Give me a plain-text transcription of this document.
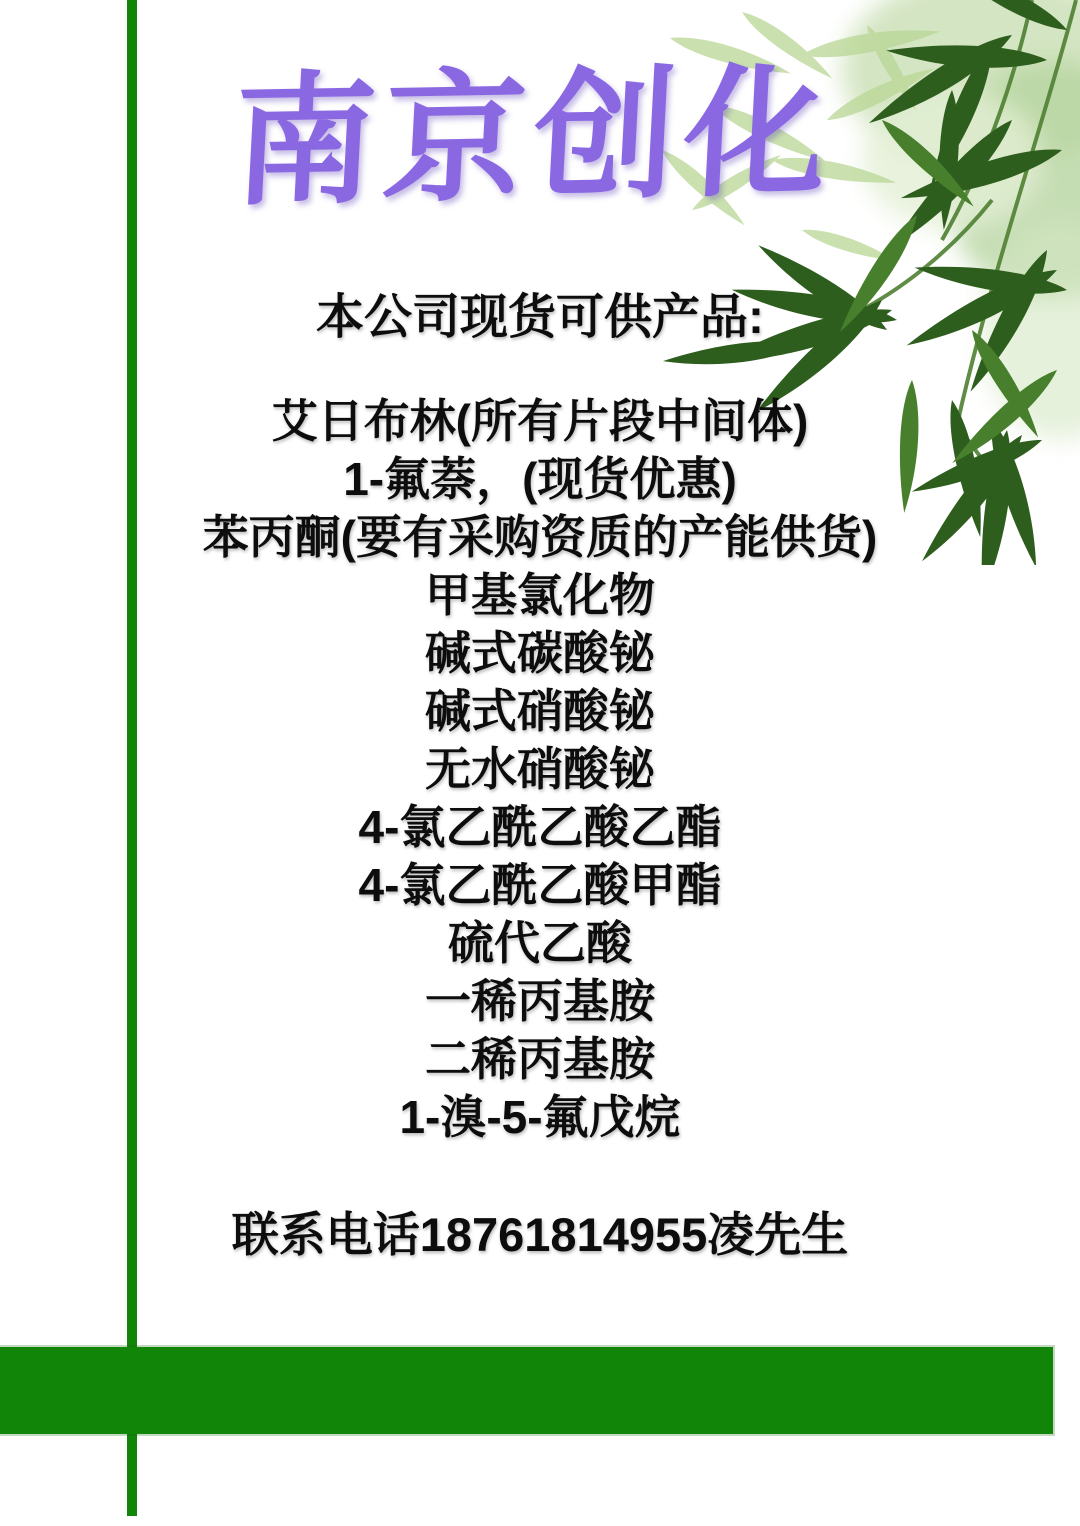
南京创化
本公司现货可供产品:
艾日布林(所有片段中间体)
1-氟萘，(现货优惠)
苯丙酮(要有采购资质的产能供货)
甲基氯化物
碱式碳酸铋
碱式硝酸铋
无水硝酸铋
4-氯乙酰乙酸乙酯
4-氯乙酰乙酸甲酯
硫代乙酸
一稀丙基胺
二稀丙基胺
1-溴-5-氟戊烷
联系电话18761814955凌先生
